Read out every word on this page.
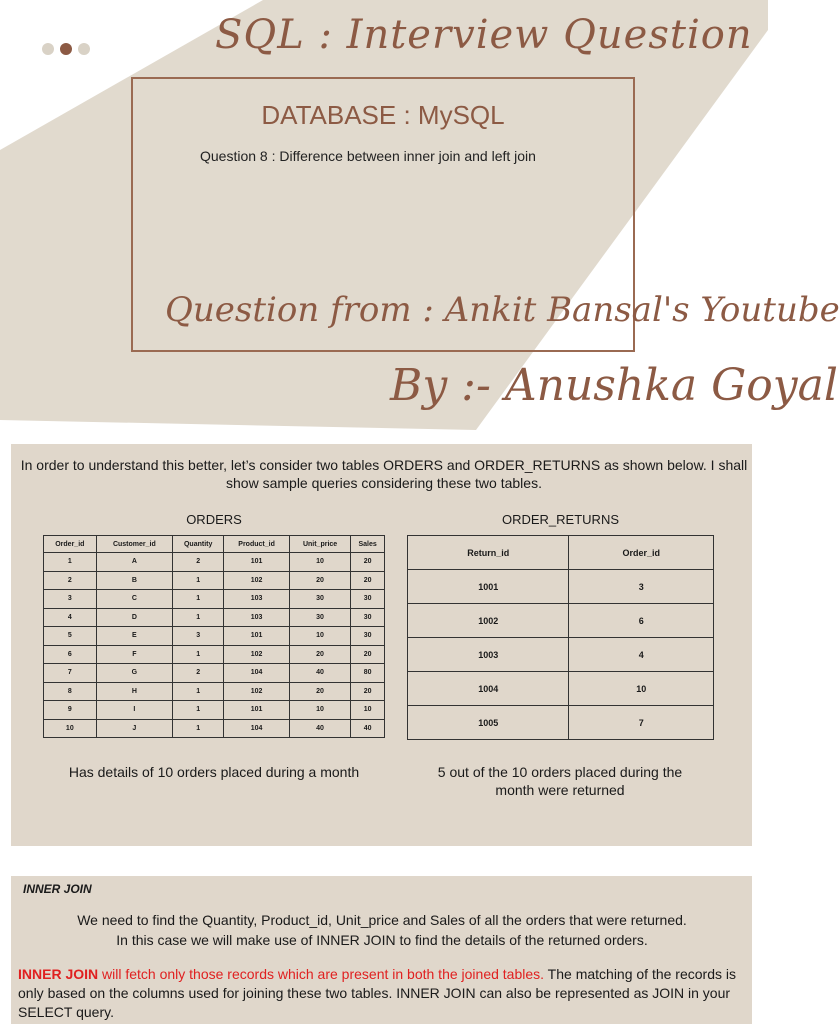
SQL : Interview Question
DATABASE : MySQL
Question 8 : Difference between inner join and left join
Question from : Ankit Bansal's Youtube
By :- Anushka Goyal
In order to understand this better, let’s consider two tables ORDERS and ORDER_RETURNS as shown below. I shall show sample queries considering these two tables.
ORDERS	ORDER_RETURNS
Order_id	Customer_id	Quantity	Product_id	Unit_price	Sales
1	A	2	101	10	20
2	B	1	102	20	20
3	C	1	103	30	30
4	D	1	103	30	30
5	E	3	101	10	30
6	F	1	102	20	20
7	G	2	104	40	80
8	H	1	102	20	20
9	I	1	101	10	10
10	J	1	104	40	40
Return_id	Order_id
1001	3
1002	6
1003	4
1004	10
1005	7
Has details of 10 orders placed during a month	5 out of the 10 orders placed during the month were returned
INNER JOIN
We need to find the Quantity, Product_id, Unit_price and Sales of all the orders that were returned.
In this case we will make use of INNER JOIN to find the details of the returned orders.
INNER JOIN will fetch only those records which are present in both the joined tables. The matching of the records is only based on the columns used for joining these two tables. INNER JOIN can also be represented as JOIN in your SELECT query.
